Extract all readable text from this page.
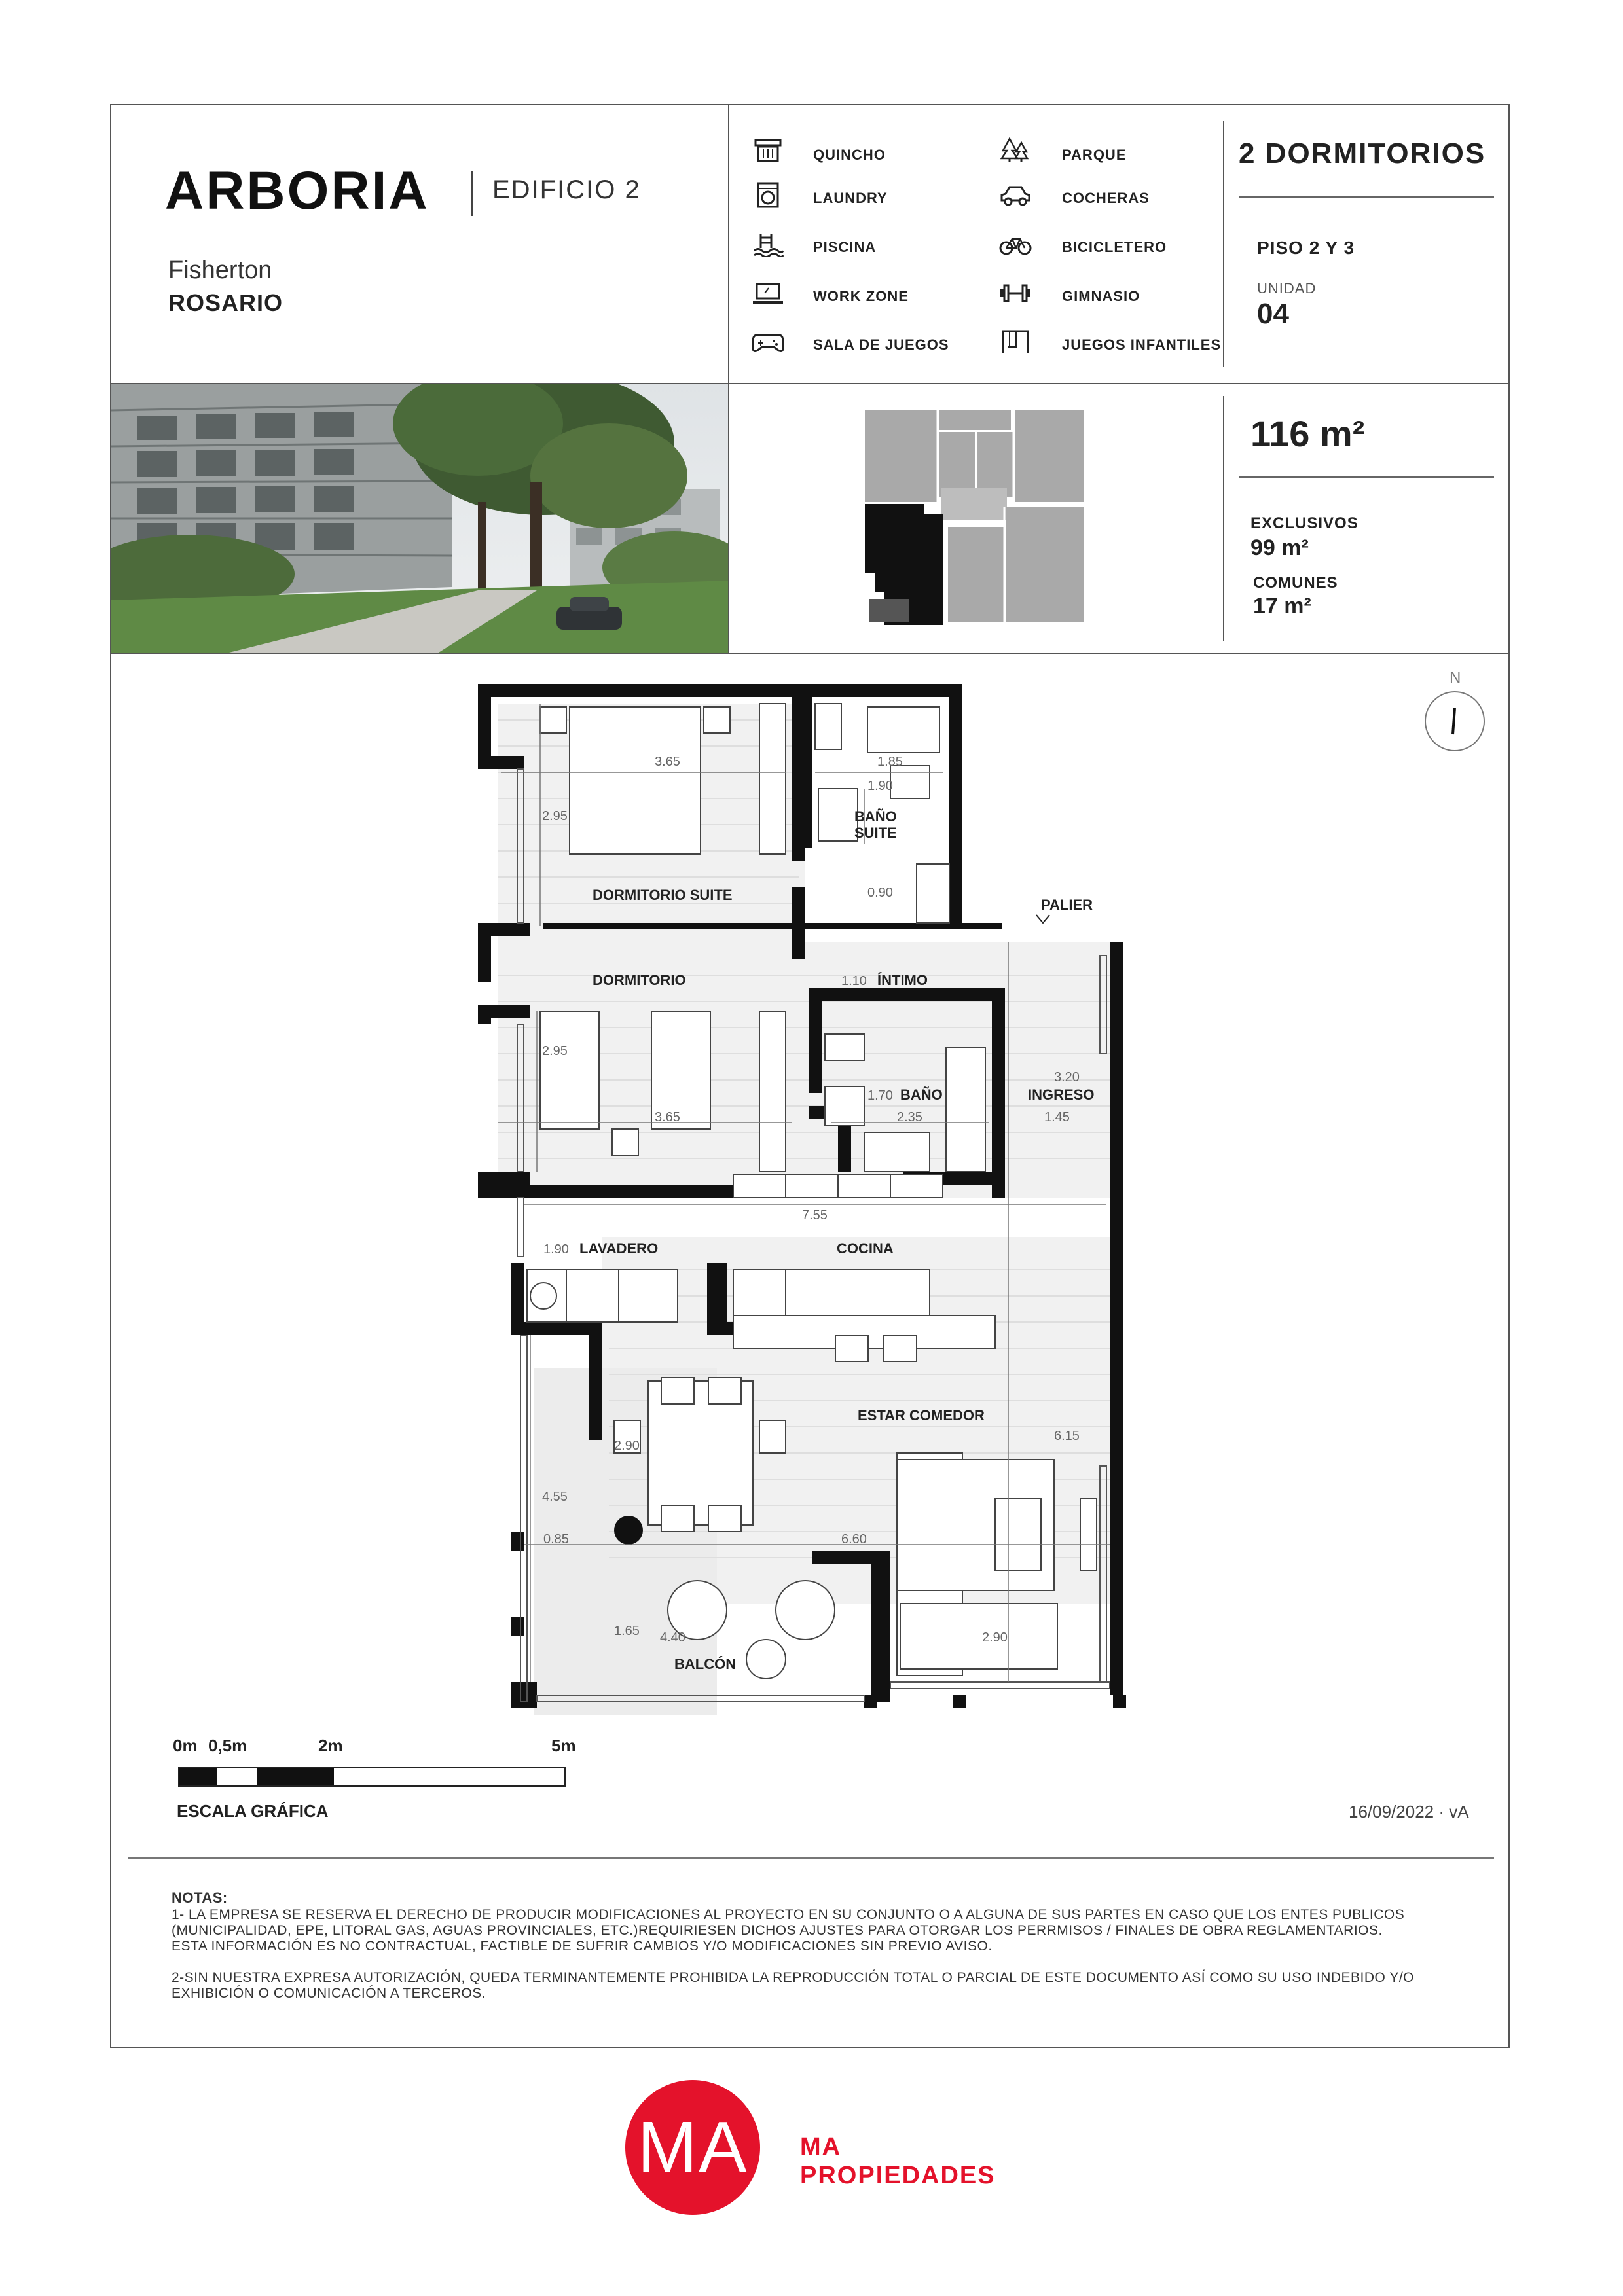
ARBORIA EDIFICIO 2
Fisherton
ROSARIO
QUINCHO
LAUNDRY
PISCINA
WORK ZONE
SALA DE JUEGOS
PARQUE
COCHERAS
BICICLETERO
GIMNASIO
JUEGOS INFANTILES
2 DORMITORIOS
PISO 2 Y 3
UNIDAD
04
116 m²
EXCLUSIVOS
99 m²
COMUNES
17 m²
N
DORMITORIO SUITE
BAÑO
SUITE
DORMITORIO	ÍNTIMO
PALIER
BAÑO	INGRESO
LAVADERO	COCINA
ESTAR COMEDOR
BALCÓN
3.65
2.95
1.85
1.90
0.90
1.10
2.95
3.65
1.70
2.35
3.20
1.45
7.55
1.90
2.90
6.15
4.55
0.85	6.60
1.65 4.40	2.90
0m 0,5m	2m	5m
ESCALA GRÁFICA	16/09/2022 · vA
NOTAS:
1- LA EMPRESA SE RESERVA EL DERECHO DE PRODUCIR MODIFICACIONES AL PROYECTO EN SU CONJUNTO O A ALGUNA DE SUS PARTES EN CASO QUE LOS ENTES PUBLICOS
(MUNICIPALIDAD, EPE, LITORAL GAS, AGUAS PROVINCIALES, ETC.)REQUIRIESEN DICHOS AJUSTES PARA OTORGAR LOS PERRMISOS / FINALES DE OBRA REGLAMENTARIOS.
ESTA INFORMACIÓN ES NO CONTRACTUAL, FACTIBLE DE SUFRIR CAMBIOS Y/O MODIFICACIONES SIN PREVIO AVISO.
2-SIN NUESTRA EXPRESA AUTORIZACIÓN, QUEDA TERMINANTEMENTE PROHIBIDA LA REPRODUCCIÓN TOTAL O PARCIAL DE ESTE DOCUMENTO ASÍ COMO SU USO INDEBIDO Y/O
EXHIBICIÓN O COMUNICACIÓN A TERCEROS.
MA	MA
PROPIEDADES
